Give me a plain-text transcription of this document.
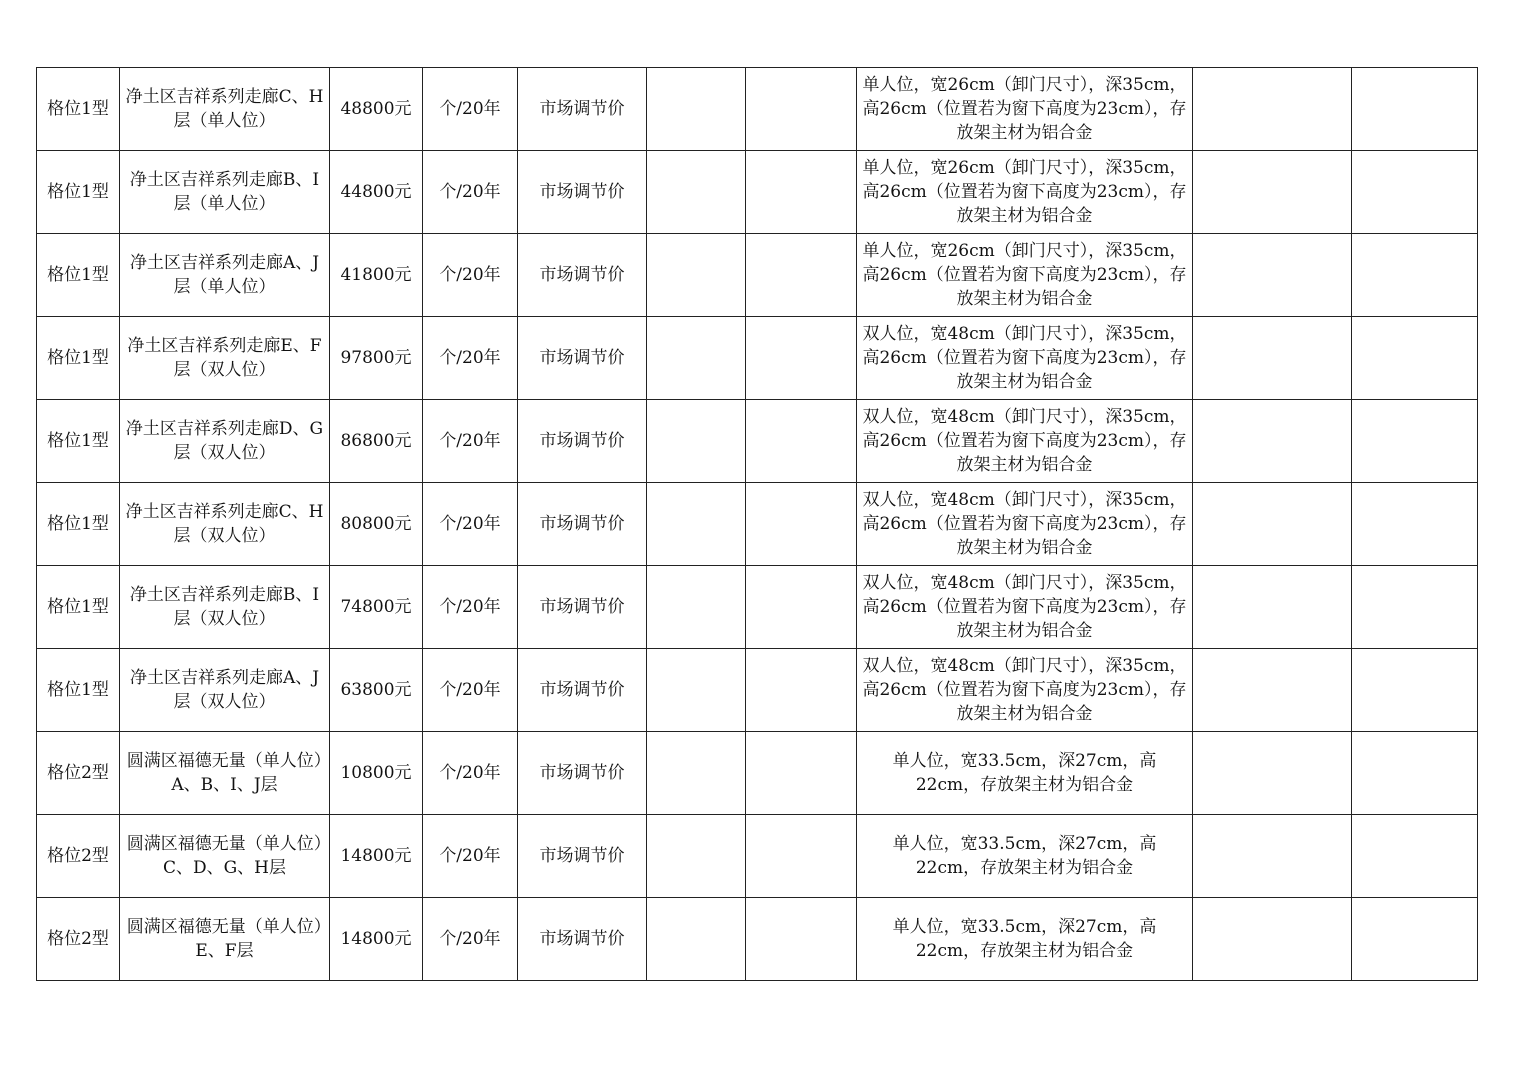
格位1型	净土区吉祥系列走廊C、H层（单人位）	48800元	个/20年	市场调节价			单人位，宽26cm（卸门尺寸），深35cm，高26cm（位置若为窗下高度为23cm），存放架主材为铝合金		
格位1型	净土区吉祥系列走廊B、I层（单人位）	44800元	个/20年	市场调节价			单人位，宽26cm（卸门尺寸），深35cm，高26cm（位置若为窗下高度为23cm），存放架主材为铝合金		
格位1型	净土区吉祥系列走廊A、J层（单人位）	41800元	个/20年	市场调节价			单人位，宽26cm（卸门尺寸），深35cm，高26cm（位置若为窗下高度为23cm），存放架主材为铝合金		
格位1型	净土区吉祥系列走廊E、F层（双人位）	97800元	个/20年	市场调节价			双人位，宽48cm（卸门尺寸），深35cm，高26cm（位置若为窗下高度为23cm），存放架主材为铝合金		
格位1型	净土区吉祥系列走廊D、G层（双人位）	86800元	个/20年	市场调节价			双人位，宽48cm（卸门尺寸），深35cm，高26cm（位置若为窗下高度为23cm），存放架主材为铝合金		
格位1型	净土区吉祥系列走廊C、H层（双人位）	80800元	个/20年	市场调节价			双人位，宽48cm（卸门尺寸），深35cm，高26cm（位置若为窗下高度为23cm），存放架主材为铝合金		
格位1型	净土区吉祥系列走廊B、I层（双人位）	74800元	个/20年	市场调节价			双人位，宽48cm（卸门尺寸），深35cm，高26cm（位置若为窗下高度为23cm），存放架主材为铝合金		
格位1型	净土区吉祥系列走廊A、J层（双人位）	63800元	个/20年	市场调节价			双人位，宽48cm（卸门尺寸），深35cm，高26cm（位置若为窗下高度为23cm），存放架主材为铝合金		
格位2型	圆满区福德无量（单人位）A、B、I、J层	10800元	个/20年	市场调节价			单人位，宽33.5cm，深27cm，高22cm，存放架主材为铝合金		
格位2型	圆满区福德无量（单人位）C、D、G、H层	14800元	个/20年	市场调节价			单人位，宽33.5cm，深27cm，高22cm，存放架主材为铝合金		
格位2型	圆满区福德无量（单人位）E、F层	14800元	个/20年	市场调节价			单人位，宽33.5cm，深27cm，高22cm，存放架主材为铝合金		
